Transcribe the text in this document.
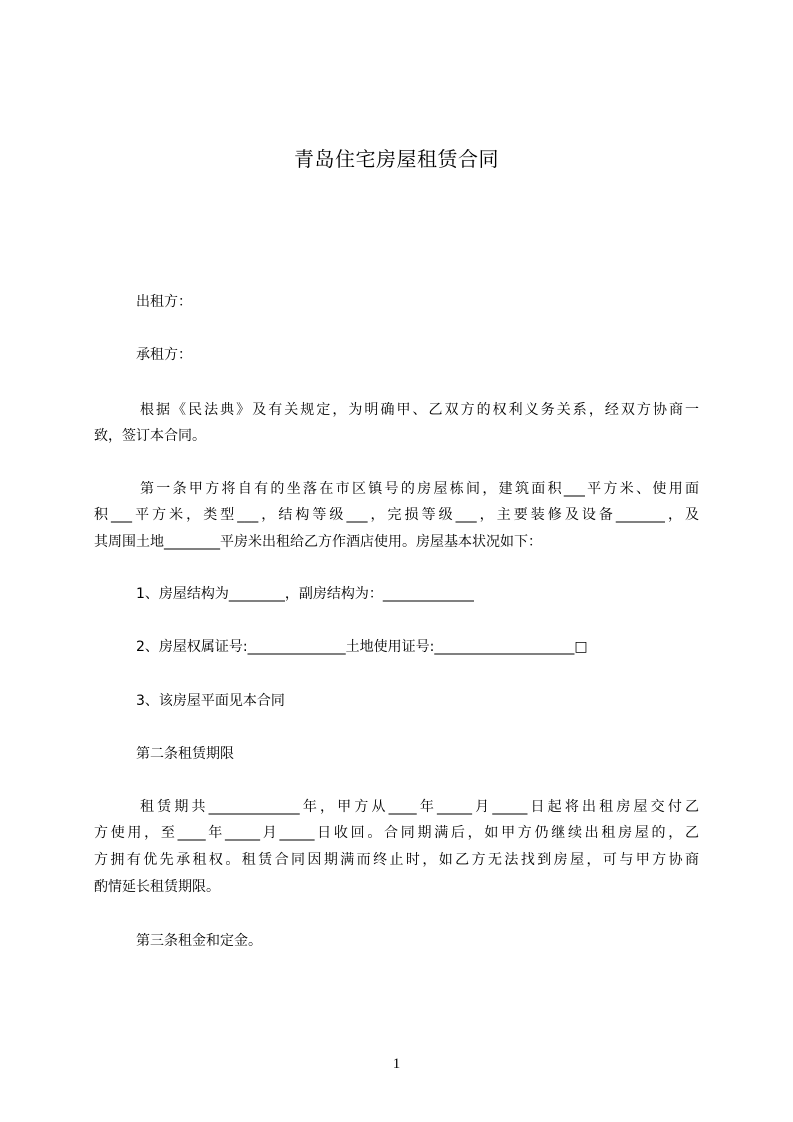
青岛住宅房屋租赁合同
出租方：
承租方：
根据《民法典》及有关规定，为明确甲、乙双方的权利义务关系，经双方协商一
致，签订本合同。
第一条甲方将自有的坐落在市区镇号的房屋栋间，建筑面积___平方米、使用面
积___平方米，类型___，结构等级___，完损等级___，主要装修及设备_______，及
其周围土地________平房米出租给乙方作酒店使用。房屋基本状况如下：
1、房屋结构为________，副房结构为：_____________
2、房屋权属证号:______________土地使用证号:____________________□
3、该房屋平面见本合同
第二条租赁期限
租赁期共_____________年，甲方从____年_____月_____日起将出租房屋交付乙
方使用，至____年_____月_____日收回。合同期满后，如甲方仍继续出租房屋的，乙
方拥有优先承租权。租赁合同因期满而终止时，如乙方无法找到房屋，可与甲方协商
酌情延长租赁期限。
第三条租金和定金。
1
